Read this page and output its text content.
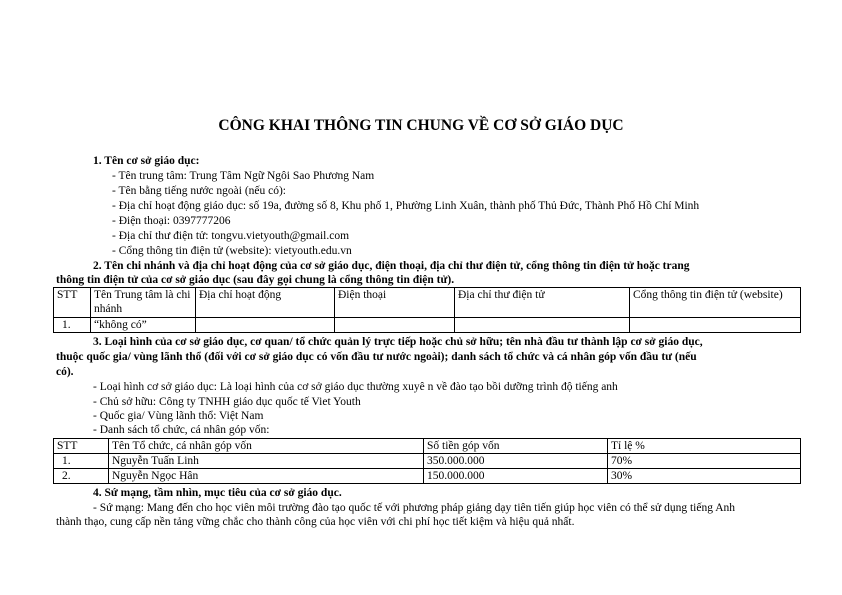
CÔNG KHAI THÔNG TIN CHUNG VỀ CƠ SỞ GIÁO DỤC
1. Tên cơ sở giáo dục:
- Tên trung tâm: Trung Tâm Ngữ Ngôi Sao Phương Nam
- Tên bằng tiếng nước ngoài (nếu có):
- Địa chỉ hoạt động giáo dục: số 19a, đường số 8, Khu phố 1, Phường Linh Xuân, thành phố Thủ Đức, Thành Phố Hồ Chí Minh
- Điện thoại: 0397777206
- Địa chỉ thư điện tử: tongvu.vietyouth@gmail.com
- Cổng thông tin điện tử (website): vietyouth.edu.vn
2. Tên chi nhánh và địa chỉ hoạt động của cơ sở giáo dục, điện thoại, địa chỉ thư điện tử, cổng thông tin điện tử hoặc trang
thông tin điện tử của cơ sở giáo dục (sau đây gọi chung là cổng thông tin điện tử).
STT	Tên Trung tâm là chi nhánh	Địa chỉ hoạt động	Điện thoại	Địa chỉ thư điện tử	Cổng thông tin điện tử (website)
1.	“không có”				
3. Loại hình của cơ sở giáo dục, cơ quan/ tổ chức quản lý trực tiếp hoặc chủ sở hữu; tên nhà đầu tư thành lập cơ sở giáo dục,
thuộc quốc gia/ vùng lãnh thổ (đối với cơ sở giáo dục có vốn đầu tư nước ngoài); danh sách tổ chức và cá nhân góp vốn đầu tư (nếu
có).
- Loại hình cơ sở giáo dục: Là loại hình của cơ sở giáo dục thường xuyê n về đào tạo bồi dưỡng trình độ tiếng anh
- Chủ sở hữu: Công ty TNHH giáo dục quốc tế Viet Youth
- Quốc gia/ Vùng lãnh thổ: Việt Nam
- Danh sách tổ chức, cá nhân góp vốn:
STT	Tên Tổ chức, cá nhân góp vốn	Số tiền góp vốn	Tỉ lệ %
1.	Nguyễn Tuấn Linh	350.000.000	70%
2.	Nguyễn Ngọc Hân	150.000.000	30%
4. Sứ mạng, tầm nhìn, mục tiêu của cơ sở giáo dục.
- Sứ mạng: Mang đến cho học viên môi trường đào tạo quốc tế với phương pháp giảng dạy tiên tiến giúp học viên có thể sử dụng tiếng Anh
thành thạo, cung cấp nền tảng vững chắc cho thành công của học viên với chi phí học tiết kiệm và hiệu quả nhất.
